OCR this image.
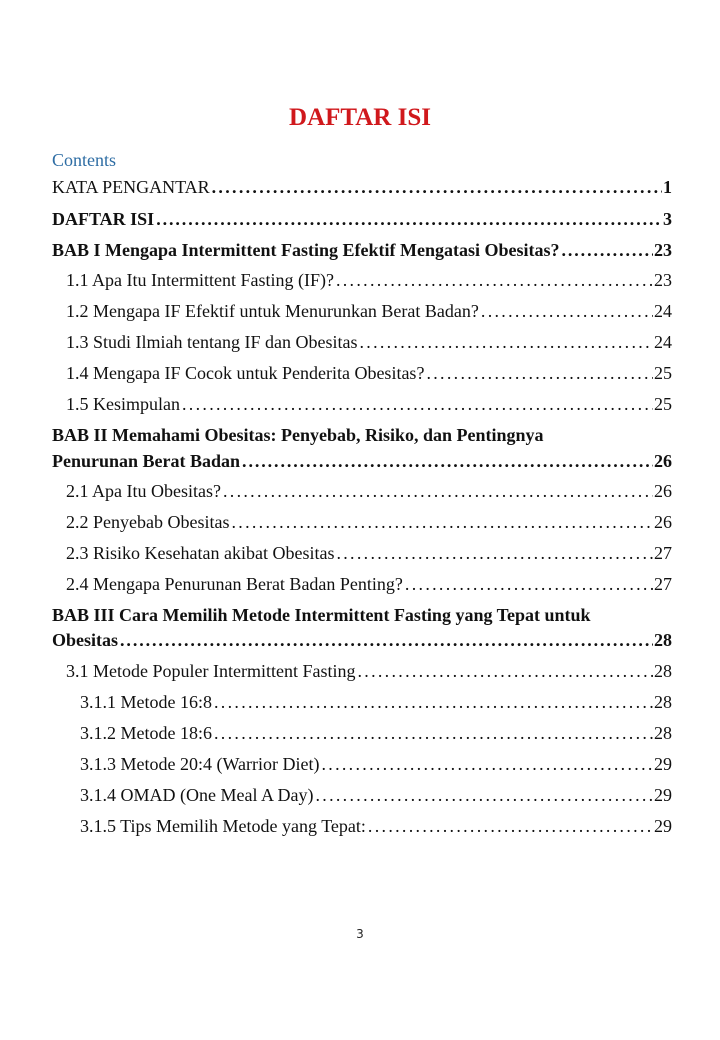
DAFTAR ISI
Contents
KATA PENGANTAR . . .	1
DAFTAR ISI . . .	3
BAB I Mengapa Intermittent Fasting Efektif Mengatasi Obesitas? . . .	23
1.1 Apa Itu Intermittent Fasting (IF)? . . .	23
1.2 Mengapa IF Efektif untuk Menurunkan Berat Badan? . . .	24
1.3 Studi Ilmiah tentang IF dan Obesitas . . .	24
1.4 Mengapa IF Cocok untuk Penderita Obesitas? . . .	25
1.5 Kesimpulan . . .	25
BAB II Memahami Obesitas: Penyebab, Risiko, dan Pentingnya
Penurunan Berat Badan . . .	26
2.1 Apa Itu Obesitas? . . .	26
2.2 Penyebab Obesitas . . .	26
2.3 Risiko Kesehatan akibat Obesitas . . .	27
2.4 Mengapa Penurunan Berat Badan Penting? . . .	27
BAB III Cara Memilih Metode Intermittent Fasting yang Tepat untuk
Obesitas . . .	28
3.1 Metode Populer Intermittent Fasting . . .	28
3.1.1 Metode 16:8 . . .	28
3.1.2 Metode 18:6 . . .	28
3.1.3 Metode 20:4 (Warrior Diet) . . .	29
3.1.4 OMAD (One Meal A Day) . . .	29
3.1.5 Tips Memilih Metode yang Tepat: . . .	29
3
